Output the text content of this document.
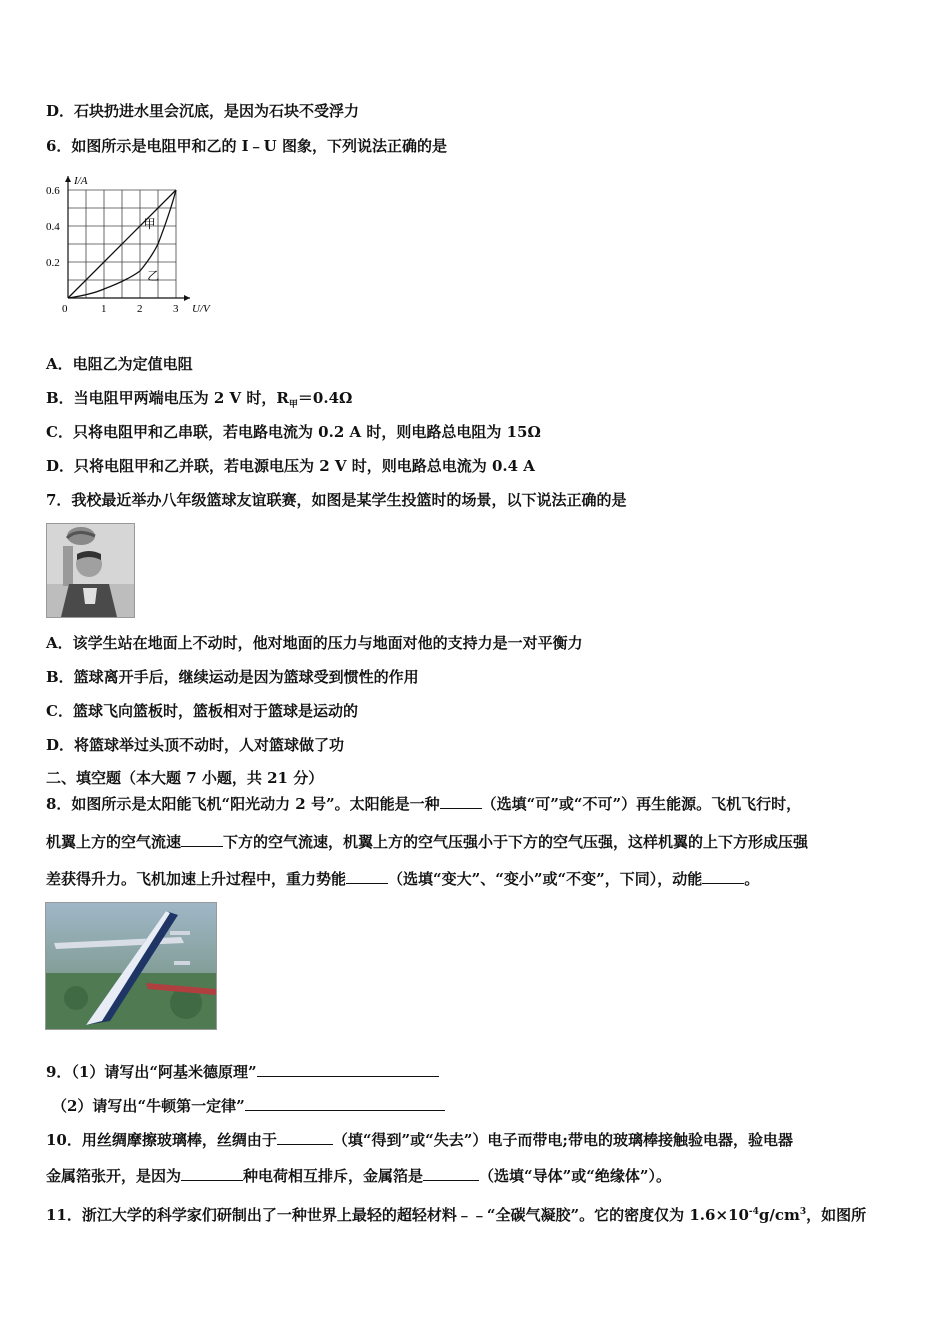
D．石块扔进水里会沉底，是因为石块不受浮力
6．如图所示是电阻甲和乙的 I﹣U 图象，下列说法正确的是
I/A
U/V
0	1	2	3
0.2
0.4
0.6
甲
乙
A．电阻乙为定值电阻
B．当电阻甲两端电压为 2 V 时，$R_甲=0.4\Omega$
C．只将电阻甲和乙串联，若电路电流为 0.2 A 时，则电路总电阻为 15Ω
D．只将电阻甲和乙并联，若电源电压为 2 V 时，则电路总电流为 0.4 A
7．我校最近举办八年级篮球友谊联赛，如图是某学生投篮时的场景，以下说法正确的是
A．该学生站在地面上不动时，他对地面的压力与地面对他的支持力是一对平衡力
B．篮球离开手后，继续运动是因为篮球受到惯性的作用
C．篮球飞向篮板时，篮板相对于篮球是运动的
D．将篮球举过头顶不动时，人对篮球做了功
二、填空题（本大题 7 小题，共 21 分）
8．如图所示是太阳能飞机“阳光动力 2 号”。太阳能是一种	（选填“可”或“不可”）再生能源。飞机飞行时，
机翼上方的空气流速	下方的空气流速，机翼上方的空气压强小于下方的空气压强，这样机翼的上下方形成压强
差获得升力。飞机加速上升过程中，重力势能	（选填“变大”、“变小”或“不变”，下同），动能	。
9．（1）请写出“阿基米德原理”
（2）请写出“牛顿第一定律”
10．用丝绸摩擦玻璃棒，丝绸由于	（填“得到”或“失去”）电子而带电;带电的玻璃棒接触验电器，验电器
金属箔张开，是因为	种电荷相互排斥，金属箔是	（选填“导体”或“绝缘体”）。
11．浙江大学的科学家们研制出了一种世界上最轻的超轻材料﹣﹣“全碳气凝胶”。它的密度仅为 $1.6\times 10^{-4}g/cm^3$，如图所
